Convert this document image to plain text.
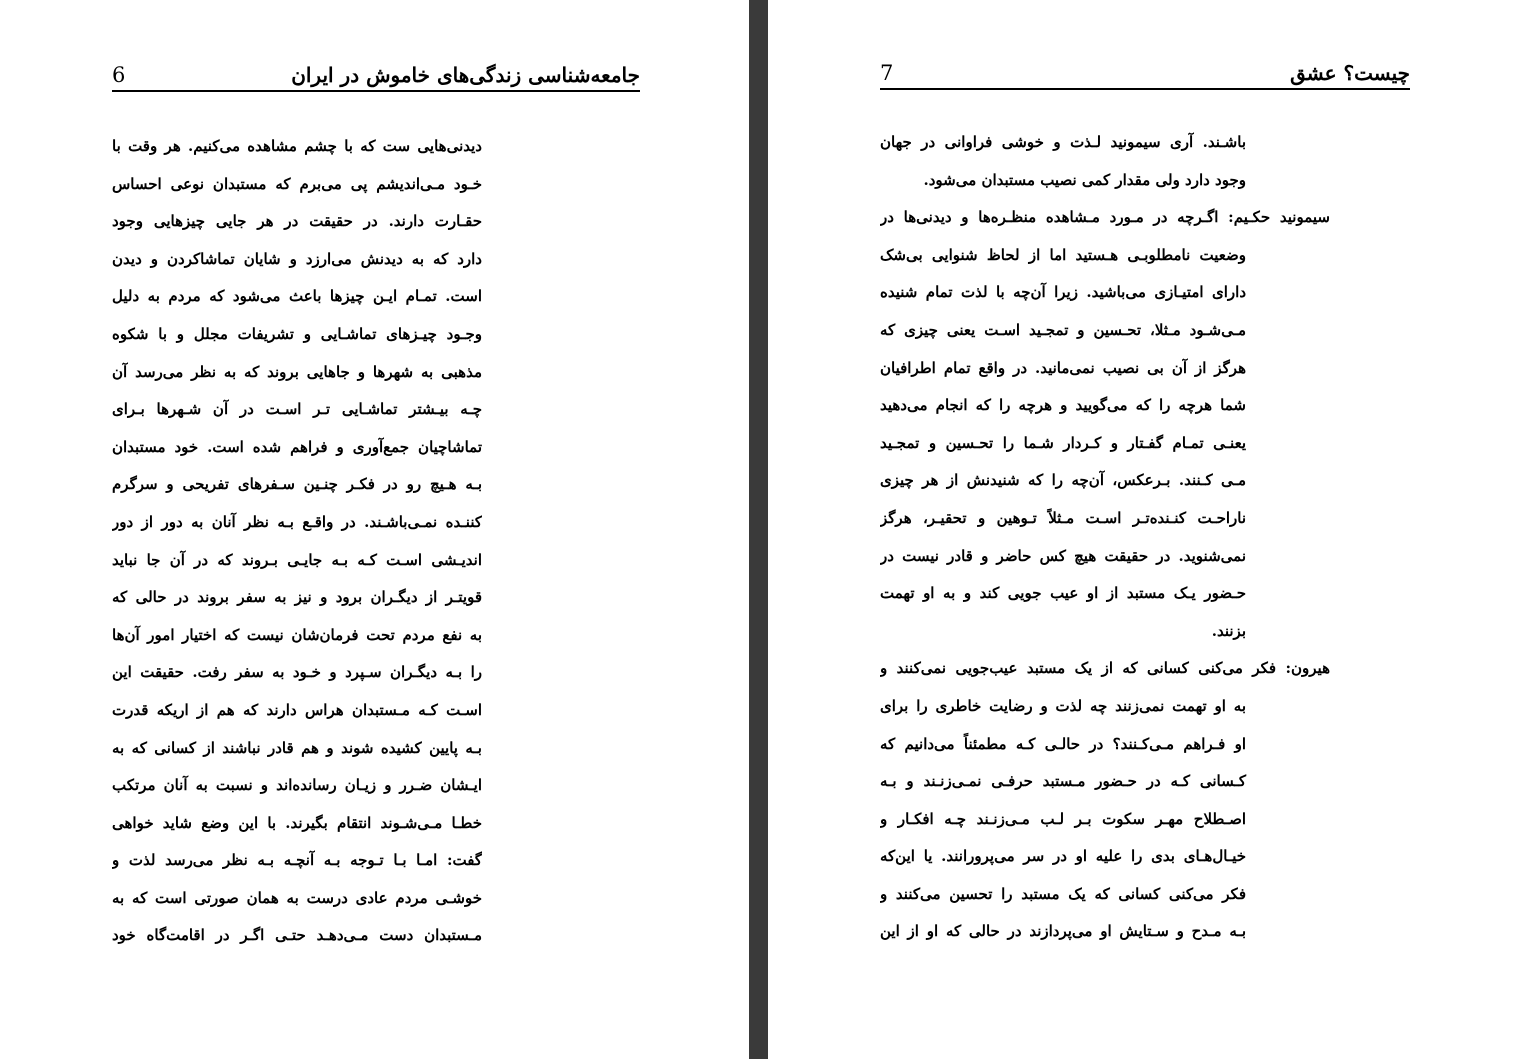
جامعه‌شناسی زندگی‌های خاموش در ایران
6
دیدنی‌هایی ست که با چشم مشاهده می‌کنیم. هر وقت با
خـود مـی‌اندیشم پی می‌برم که مستبدان نوعی احساس
حقـارت دارند. در حقیقت در هر جایی چیزهایی وجود
دارد که به دیدنش می‌ارزد و شایان تماشاکردن و دیدن
است. تمـام ایـن چیزها باعث می‌شود که مردم به دلیل
وجـود چیـزهای تماشـایی و تشریفات مجلل و با شکوه
مذهبی به شهرها و جاهایی بروند که به نظر می‌رسد آن
چـه بیـشتر تماشـایی تـر اسـت در آن شـهرها بـرای
تماشاچیان جمع‌آوری و فراهم شده است. خود مستبدان
بـه هـیچ رو در فکـر چنـین سـفرهای تفریحی و سرگرم
کننـده نمـی‌باشـند. در واقـع بـه نظر آنان به دور از دور
اندیـشی اسـت کـه بـه جایـی بـروند که در آن جا نباید
قویتـر از دیگـران برود و نیز به سفر بروند در حالی که
به نفع مردم تحت فرمان‌شان نیست که اختیار امور آن‌ها
را بـه دیگـران سـپرد و خـود به سفر رفت. حقیقت این
اسـت کـه مـستبدان هراس دارند که هم از اریکه قدرت
بـه پایین کشیده شوند و هم قادر نباشند از کسانی که به
ایـشان ضـرر و زیـان رسانده‌اند و نسبت به آنان مرتکب
خطـا مـی‌شـوند انتقام بگیرند. با این وضع شاید خواهی
گفت: امـا بـا تـوجه بـه آنچـه بـه نظر می‌رسد لذت و
خوشـی مردم عادی درست به همان صورتی است که به
مـستبدان دست مـی‌دهـد حتـی اگـر در اقامت‌گاه خود
چیست؟ عشق
7
باشـند. آری سیمونید لـذت و خوشی فراوانی در جهان
وجود دارد ولی مقدار کمی نصیب مستبدان می‌شود.
سیمونید حکـیم: اگـرچه در مـورد مـشاهده منظـره‌ها و دیدنی‌ها در
وضعیت نامطلوبـی هـستید اما از لحاظ شنوایی بی‌شک
دارای امتیـازی می‌باشید. زیرا آن‌چه با لذت تمام شنیده
مـی‌شـود مـثلا، تحـسین و تمجـید اسـت یعنی چیزی که
هرگز از آن بی نصیب نمی‌مانید. در واقع تمام اطرافیان
شما هرچه را که می‌گویید و هرچه را که انجام می‌دهید
یعنـی تمـام گفـتار و کـردار شـما را تحـسین و تمجـید
مـی کـنند. بـرعکس، آن‌چه را که شنیدنش از هر چیزی
ناراحـت کنـنده‌تـر اسـت مـثلاً تـوهین و تحقیـر، هرگز
نمی‌شنوید. در حقیقت هیچ کس حاضر و قادر نیست در
حـضور یـک مستبد از او عیب جویی کند و به او تهمت
بزنند.
هیرون: فکر می‌کنی کسانی که از یک مستبد عیب‌جویی نمی‌کنند و
به او تهمت نمی‌زنند چه لذت و رضایت خاطری را برای
او فـراهم مـی‌کـنند؟ در حالـی کـه مطمئناً می‌دانیم که
کـسانی کـه در حـضور مـستبد حرفـی نمـی‌زنـند و بـه
اصـطلاح مهـر سکوت بـر لـب مـی‌زنـند چـه افکـار و
خیـال‌هـای بدی را علیه او در سر می‌پرورانند. یا این‌که
فکر می‌کنی کسانی که یک مستبد را تحسین می‌کنند و
بـه مـدح و سـتایش او می‌پردازند در حالی که او از این
